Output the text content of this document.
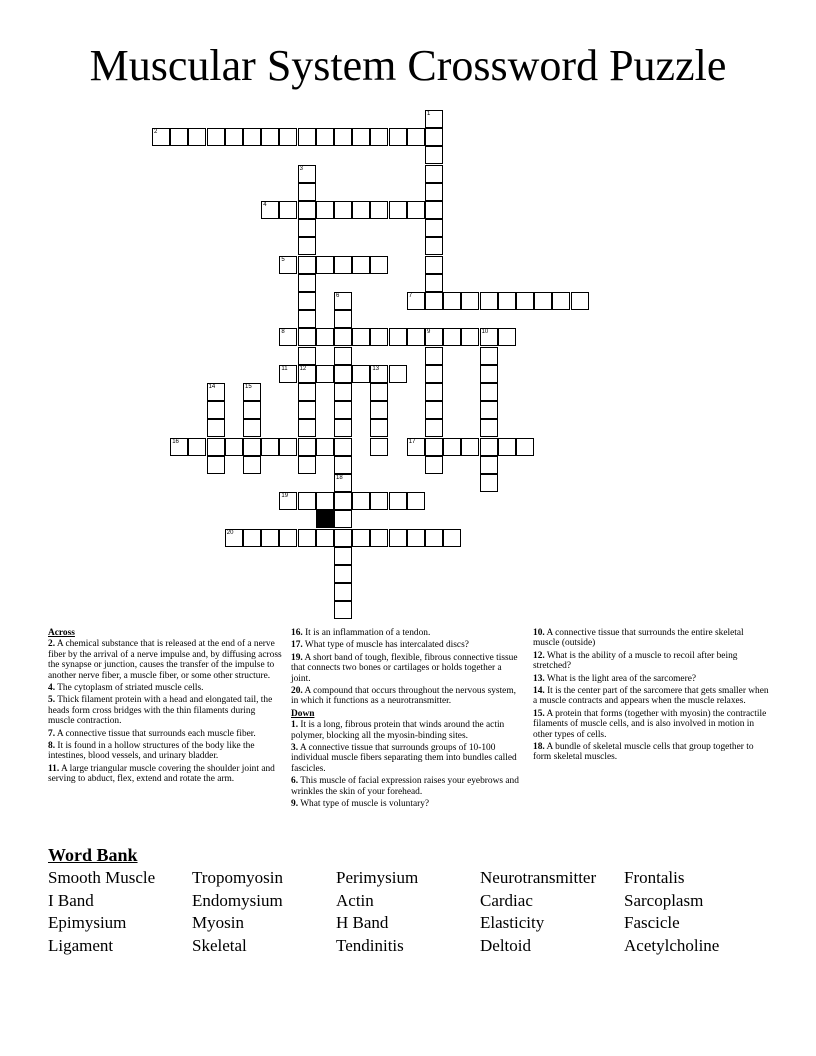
Muscular System Crossword Puzzle
1
2
3
12
4
5
6	7
8	9	10
11	13
14	15
16	17
18
19
20
Across
2. A chemical substance that is released at the end of a nerve fiber by the arrival of a nerve impulse and, by diffusing across the synapse or junction, causes the transfer of the impulse to another nerve fiber, a muscle fiber, or some other structure.
4. The cytoplasm of striated muscle cells.
5. Thick filament protein with a head and elongated tail, the heads form cross bridges with the thin filaments during muscle contraction.
7. A connective tissue that surrounds each muscle fiber.
8. It is found in a hollow structures of the body like the intestines, blood vessels, and urinary bladder.
11. A large triangular muscle covering the shoulder joint and serving to abduct, flex, extend and rotate the arm.
16. It is an inflammation of a tendon.
17. What type of muscle has intercalated discs?
19. A short band of tough, flexible, fibrous connective tissue that connects two bones or cartilages or holds together a joint.
20. A compound that occurs throughout the nervous system, in which it functions as a neurotransmitter.
Down
1. It is a long, fibrous protein that winds around the actin polymer, blocking all the myosin-binding sites.
3. A connective tissue that surrounds groups of 10-100 individual muscle fibers separating them into bundles called fascicles.
6. This muscle of facial expression raises your eyebrows and wrinkles the skin of your forehead.
9. What type of muscle is voluntary?
10. A connective tissue that surrounds the entire skeletal muscle (outside)
12. What is the ability of a muscle to recoil after being stretched?
13. What is the light area of the sarcomere?
14. It is the center part of the sarcomere that gets smaller when a muscle contracts and appears when the muscle relaxes.
15. A protein that forms (together with myosin) the contractile filaments of muscle cells, and is also involved in motion in other types of cells.
18. A bundle of skeletal muscle cells that group together to form skeletal muscles.
Word Bank
Smooth Muscle	Tropomyosin	Perimysium	Neurotransmitter	Frontalis
I Band	Endomysium	Actin	Cardiac	Sarcoplasm
Epimysium	Myosin	H Band	Elasticity	Fascicle
Ligament	Skeletal	Tendinitis	Deltoid	Acetylcholine
